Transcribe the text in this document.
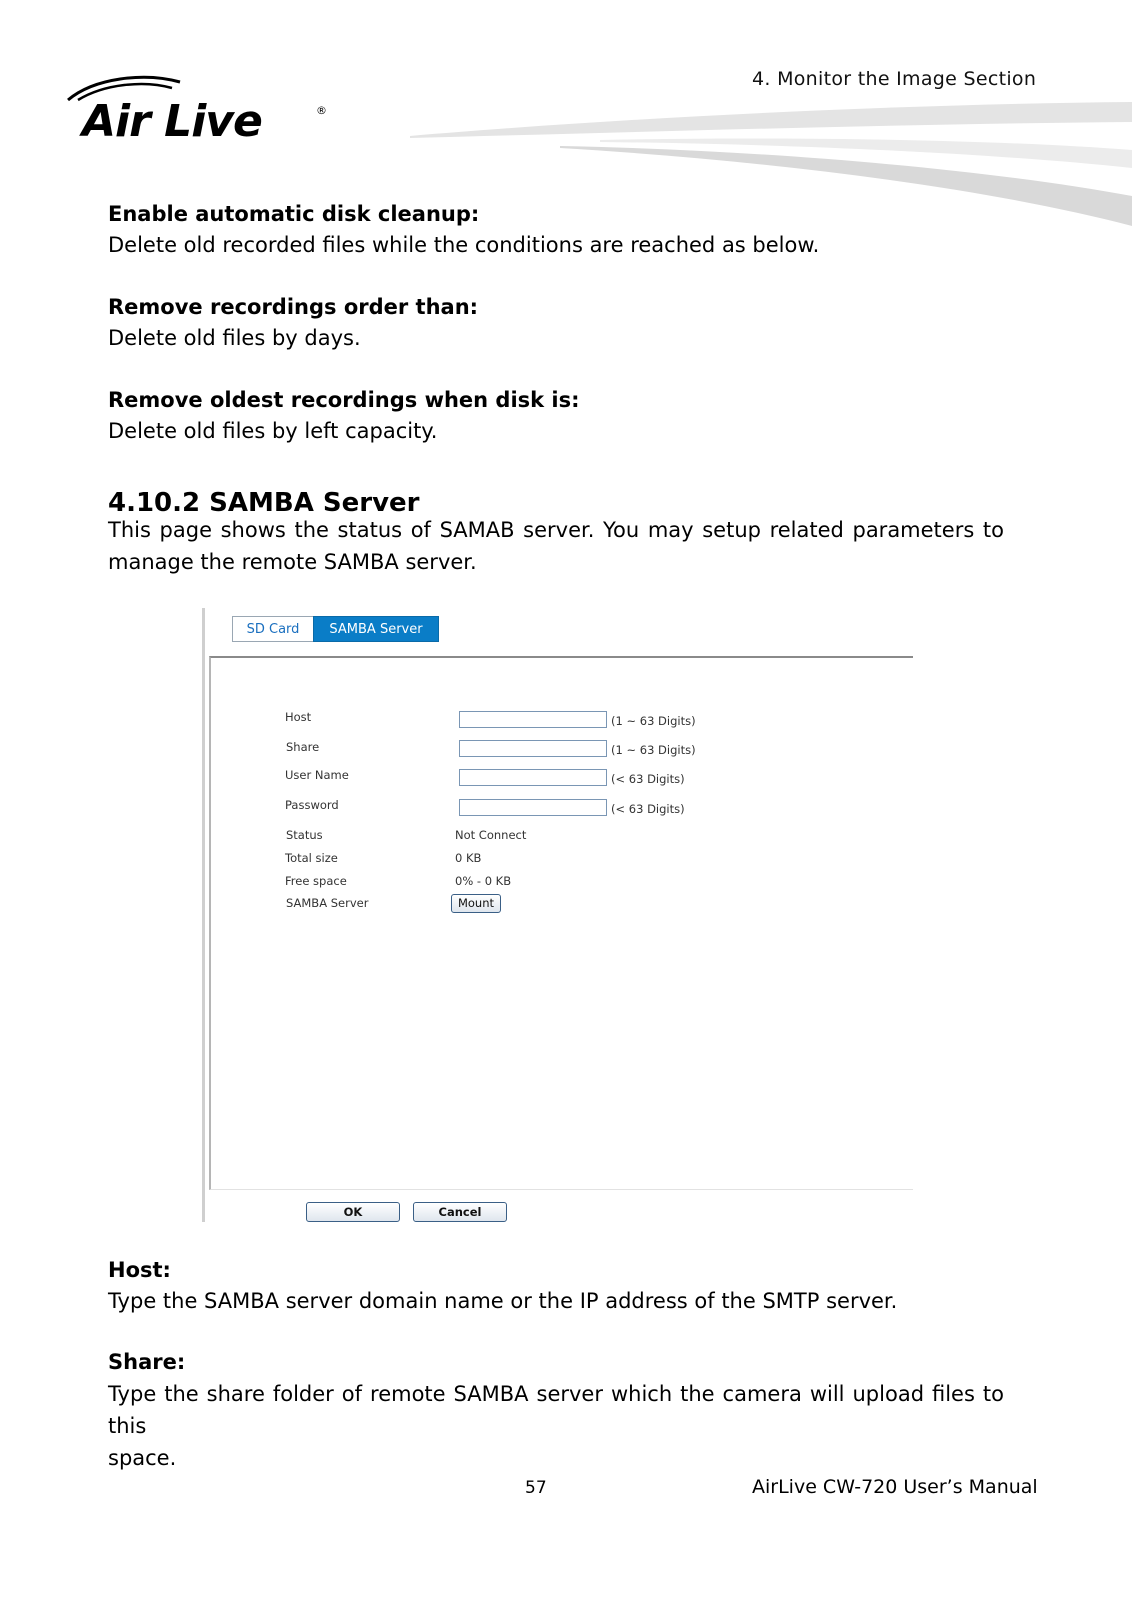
4. Monitor the Image Section
Air Live	®
Enable automatic disk cleanup:
Delete old recorded files while the conditions are reached as below.
Remove recordings order than:
Delete old files by days.
Remove oldest recordings when disk is:
Delete old files by left capacity.
4.10.2 SAMBA Server
This page shows the status of SAMAB server. You may setup related parameters to
manage the remote SAMBA server.
SD Card	SAMBA Server
Host	(1 ~ 63 Digits)
Share	(1 ~ 63 Digits)
User Name	(< 63 Digits)
Password	(< 63 Digits)
Status	Not Connect
Total size	0 KB
Free space	0% - 0 KB
SAMBA Server	Mount
OK	Cancel
Host:
Type the SAMBA server domain name or the IP address of the SMTP server.
Share:
Type the share folder of remote SAMBA server which the camera will upload files to this
space.
57	AirLive CW-720 User’s Manual
